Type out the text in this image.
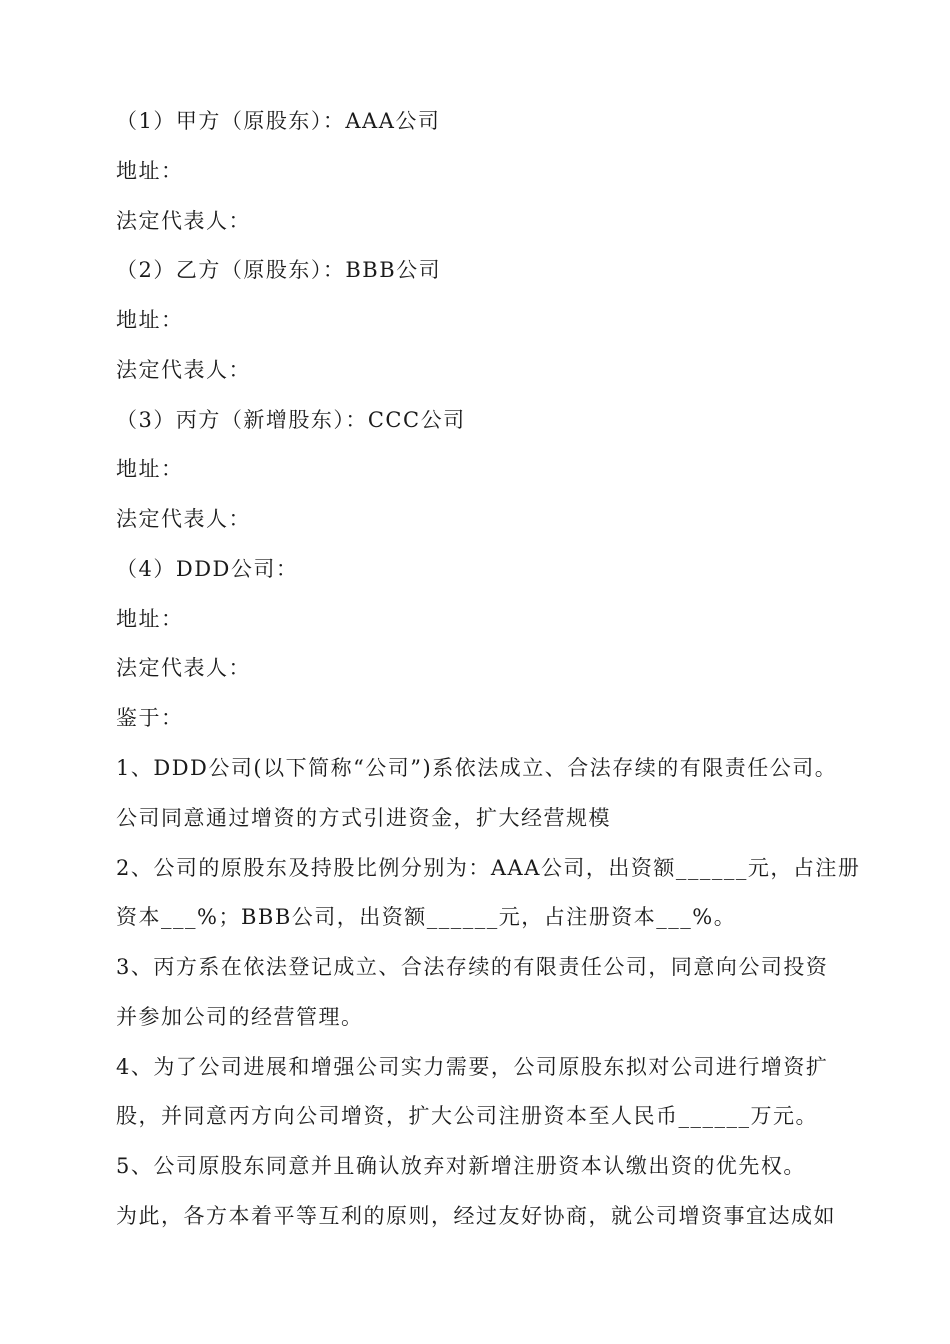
（1）甲方（原股东）：AAA公司
地址：
法定代表人：
（2）乙方（原股东）：BBB公司
地址：
法定代表人：
（3）丙方（新增股东）：CCC公司
地址：
法定代表人：
（4）DDD公司：
地址：
法定代表人：
鉴于：
1、DDD公司(以下简称“公司”)系依法成立、合法存续的有限责任公司。
公司同意通过增资的方式引进资金，扩大经营规模
2、公司的原股东及持股比例分别为：AAA公司，出资额______元，占注册
资本___%；BBB公司，出资额______元，占注册资本___%。
3、丙方系在依法登记成立、合法存续的有限责任公司，同意向公司投资
并参加公司的经营管理。
4、为了公司进展和增强公司实力需要，公司原股东拟对公司进行增资扩
股，并同意丙方向公司增资，扩大公司注册资本至人民币______万元。
5、公司原股东同意并且确认放弃对新增注册资本认缴出资的优先权。
为此，各方本着平等互利的原则，经过友好协商，就公司增资事宜达成如
